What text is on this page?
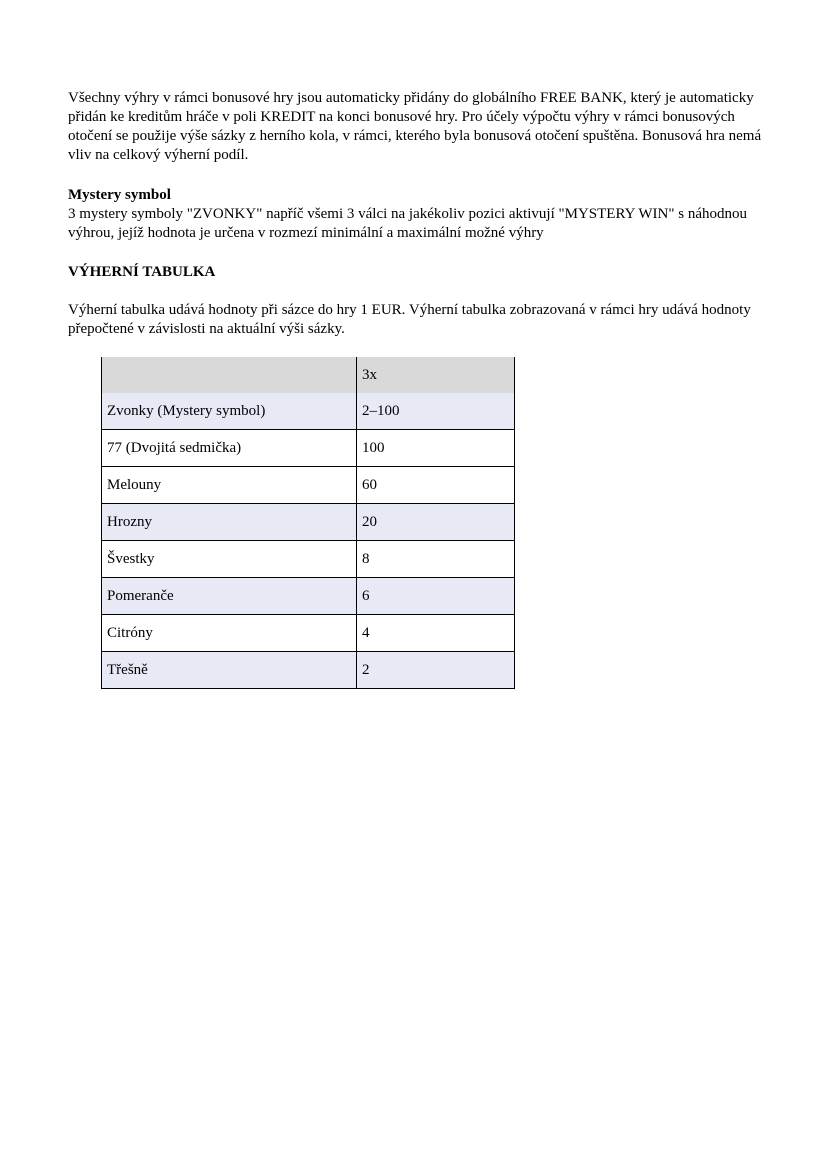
Všechny výhry v rámci bonusové hry jsou automaticky přidány do globálního FREE BANK, který je automaticky přidán ke kreditům hráče v poli KREDIT na konci bonusové hry. Pro účely výpočtu výhry v rámci bonusových otočení se použije výše sázky z herního kola, v rámci, kterého byla bonusová otočení spuštěna. Bonusová hra nemá vliv na celkový výherní podíl.

Mystery symbol

3 mystery symboly "ZVONKY" napříč všemi 3 válci na jakékoliv pozici aktivují "MYSTERY WIN" s náhodnou výhrou, jejíž hodnota je určena v rozmezí minimální a maximální možné výhry

VÝHERNÍ TABULKA

Výherní tabulka udává hodnoty při sázce do hry 1 EUR. Výherní tabulka zobrazovaná v rámci hry udává hodnoty přepočtené v závislosti na aktuální výši sázky.

	3x
Zvonky (Mystery symbol)	2–100
77 (Dvojitá sedmička)	100
Melouny	60
Hrozny	20
Švestky	8
Pomeranče	6
Citróny	4
Třešně	2
